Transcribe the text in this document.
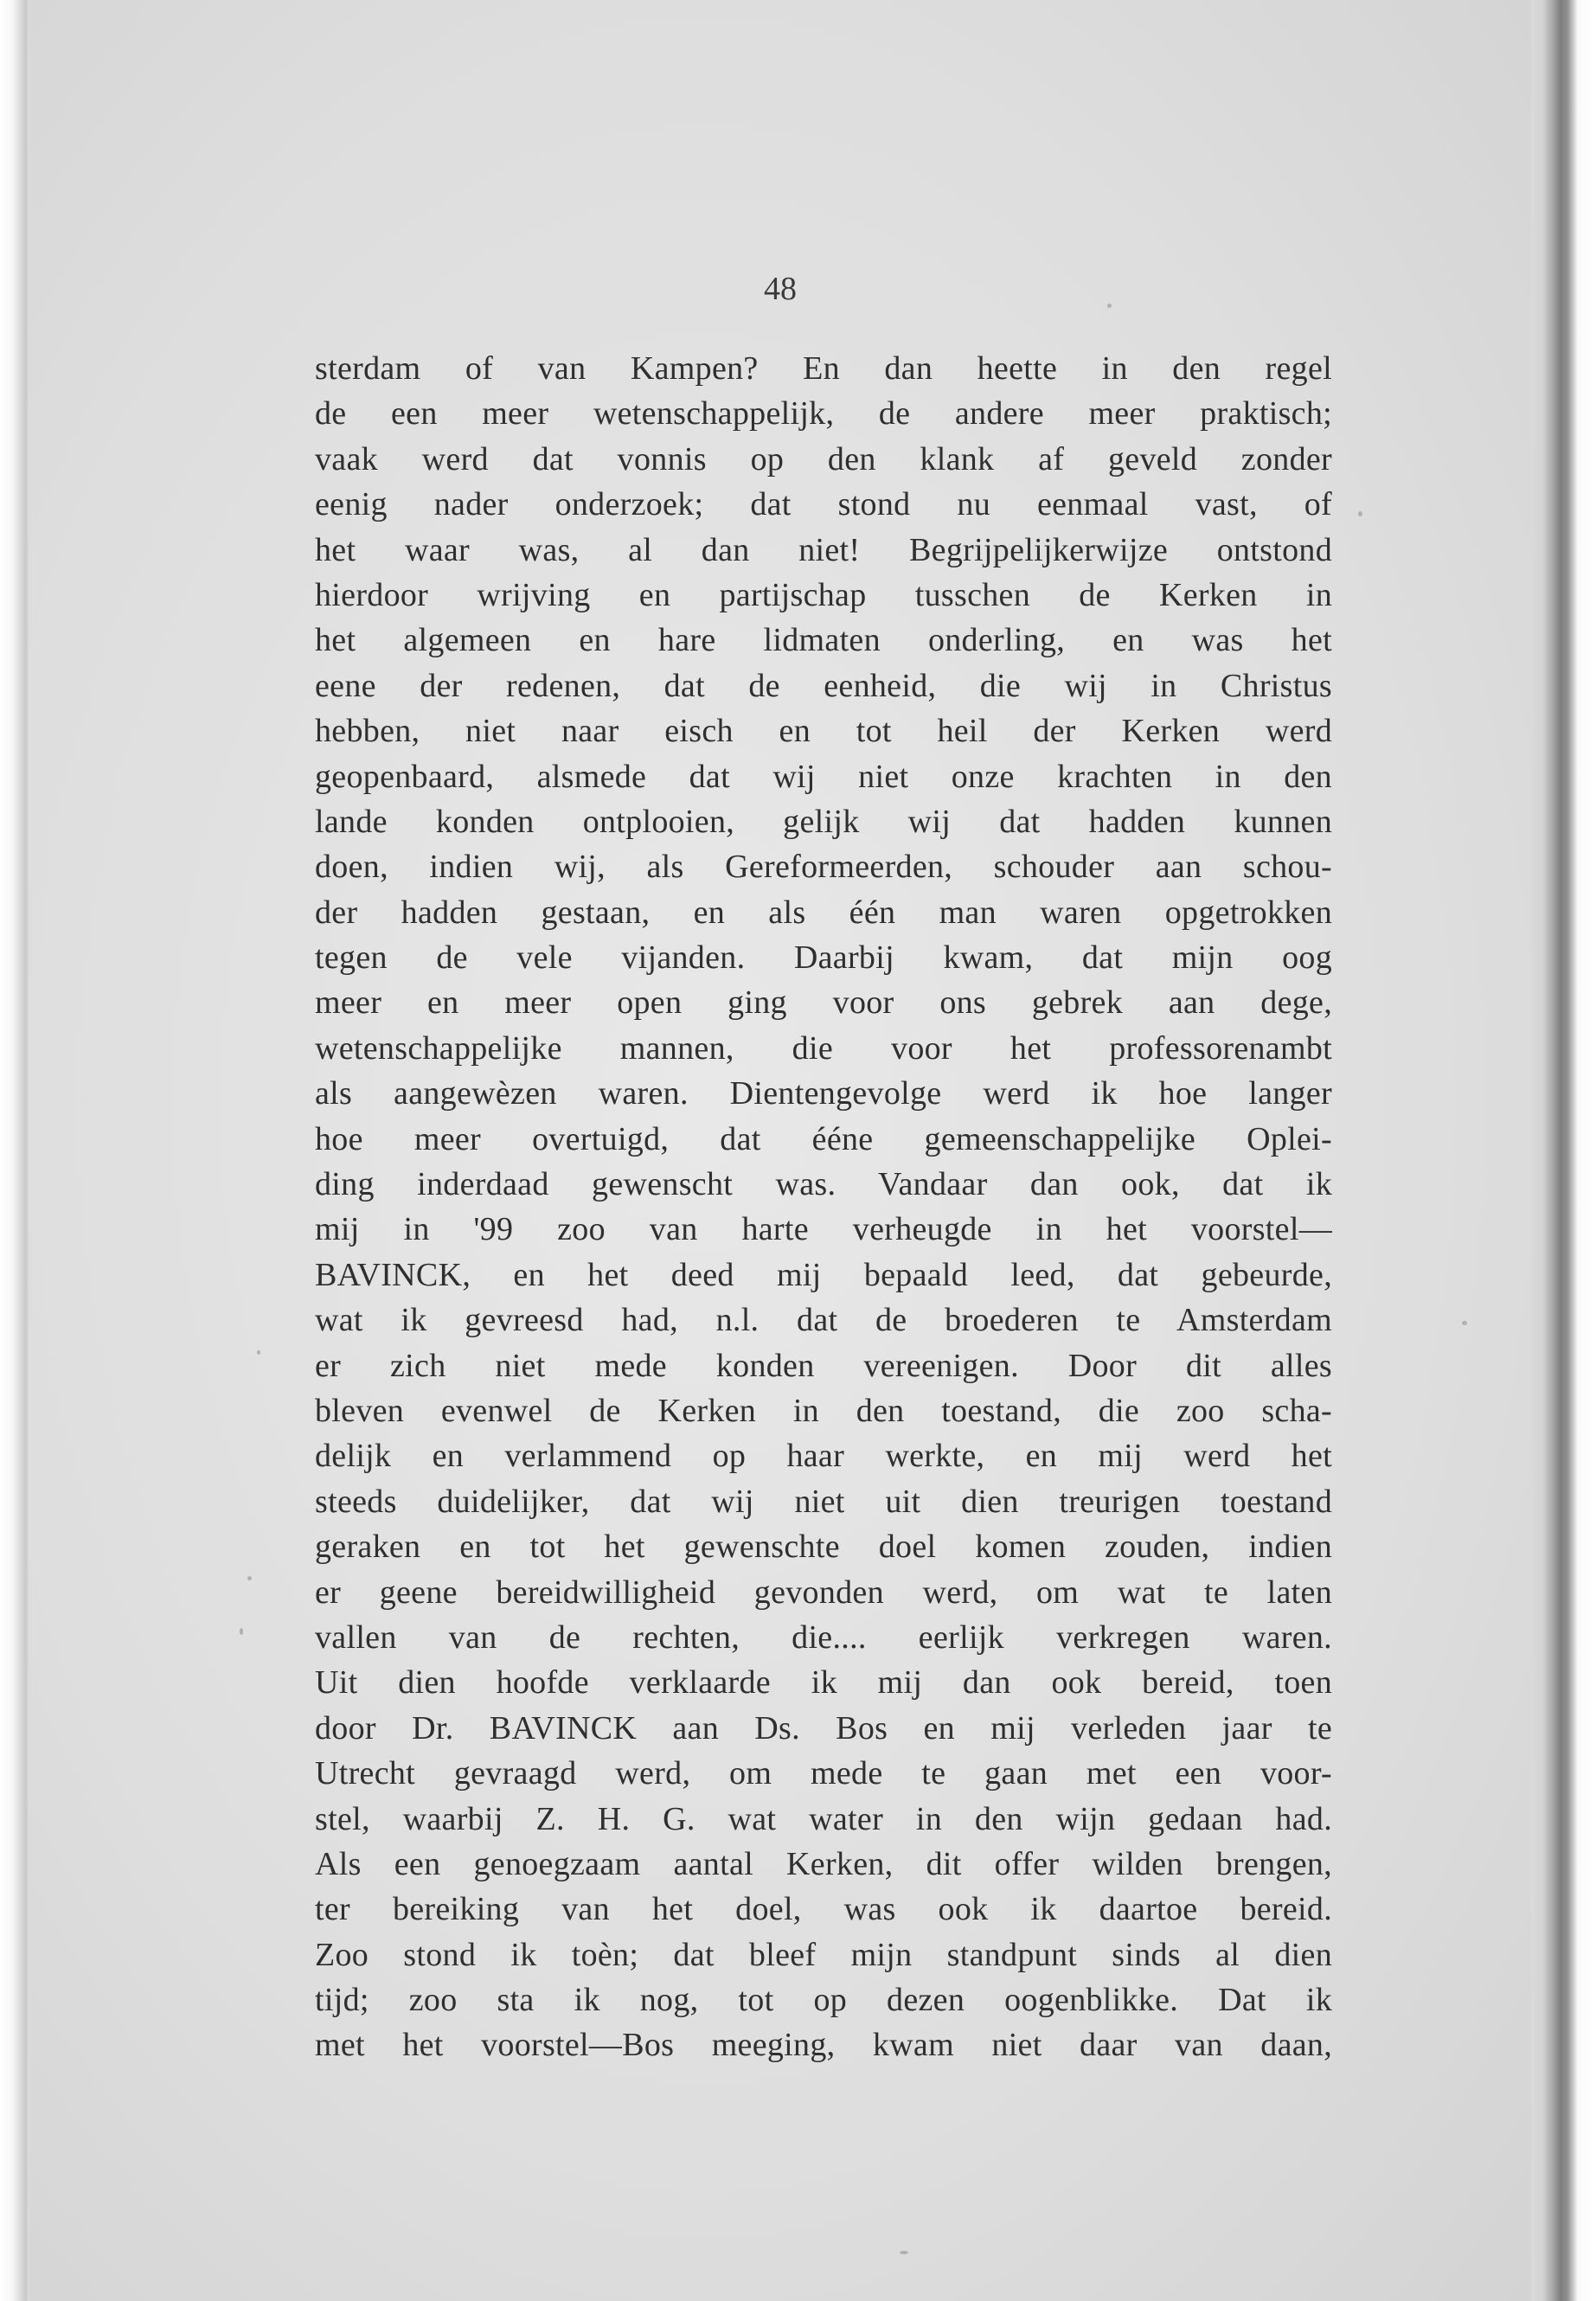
48

sterdam of van Kampen? En dan heette in den regel
de een meer wetenschappelijk, de andere meer praktisch;
vaak werd dat vonnis op den klank af geveld zonder
eenig nader onderzoek; dat stond nu eenmaal vast, of
het waar was, al dan niet! Begrijpelijkerwijze ontstond
hierdoor wrijving en partijschap tusschen de Kerken in
het algemeen en hare lidmaten onderling, en was het
eene der redenen, dat de eenheid, die wij in Christus
hebben, niet naar eisch en tot heil der Kerken werd
geopenbaard, alsmede dat wij niet onze krachten in den
lande konden ontplooien, gelijk wij dat hadden kunnen
doen, indien wij, als Gereformeerden, schouder aan schou-
der hadden gestaan, en als één man waren opgetrokken
tegen de vele vijanden. Daarbij kwam, dat mijn oog
meer en meer open ging voor ons gebrek aan dege,
wetenschappelijke mannen, die voor het professorenambt
als aangewèzen waren. Dientengevolge werd ik hoe langer
hoe meer overtuigd, dat ééne gemeenschappelijke Oplei-
ding inderdaad gewenscht was. Vandaar dan ook, dat ik
mij in '99 zoo van harte verheugde in het voorstel—
BAVINCK, en het deed mij bepaald leed, dat gebeurde,
wat ik gevreesd had, n.l. dat de broederen te Amsterdam
er zich niet mede konden vereenigen. Door dit alles
bleven evenwel de Kerken in den toestand, die zoo scha-
delijk en verlammend op haar werkte, en mij werd het
steeds duidelijker, dat wij niet uit dien treurigen toestand
geraken en tot het gewenschte doel komen zouden, indien
er geene bereidwilligheid gevonden werd, om wat te laten
vallen van de rechten, die.... eerlijk verkregen waren.
Uit dien hoofde verklaarde ik mij dan ook bereid, toen
door Dr. BAVINCK aan Ds. Bos en mij verleden jaar te
Utrecht gevraagd werd, om mede te gaan met een voor-
stel, waarbij Z. H. G. wat water in den wijn gedaan had.
Als een genoegzaam aantal Kerken, dit offer wilden brengen,
ter bereiking van het doel, was ook ik daartoe bereid.
Zoo stond ik toèn; dat bleef mijn standpunt sinds al dien
tijd; zoo sta ik nog, tot op dezen oogenblikke. Dat ik
met het voorstel—Bos meeging, kwam niet daar van daan,
